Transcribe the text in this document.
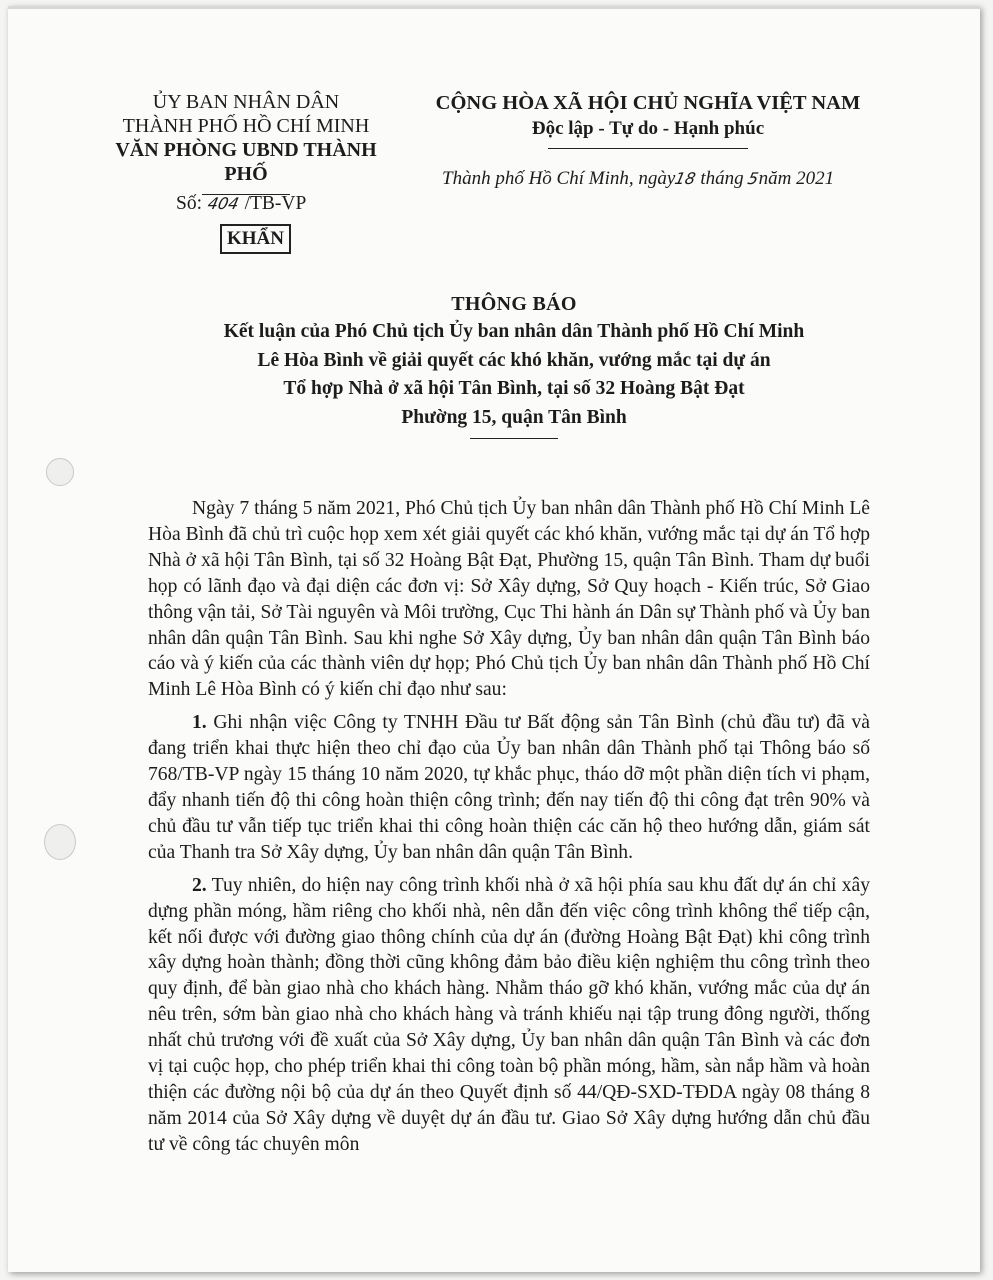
ỦY BAN NHÂN DÂN
THÀNH PHỐ HỒ CHÍ MINH
VĂN PHÒNG UBND THÀNH PHỐ
CỘNG HÒA XÃ HỘI CHỦ NGHĨA VIỆT NAM
Độc lập - Tự do - Hạnh phúc
Thành phố Hồ Chí Minh, ngày18 tháng 5năm 2021
Số: 404 /TB-VP
KHẨN
THÔNG BÁO
Kết luận của Phó Chủ tịch Ủy ban nhân dân Thành phố Hồ Chí Minh
Lê Hòa Bình về giải quyết các khó khăn, vướng mắc tại dự án
Tổ hợp Nhà ở xã hội Tân Bình, tại số 32 Hoàng Bật Đạt
Phường 15, quận Tân Bình

Ngày 7 tháng 5 năm 2021, Phó Chủ tịch Ủy ban nhân dân Thành phố Hồ Chí Minh Lê Hòa Bình đã chủ trì cuộc họp xem xét giải quyết các khó khăn, vướng mắc tại dự án Tổ hợp Nhà ở xã hội Tân Bình, tại số 32 Hoàng Bật Đạt, Phường 15, quận Tân Bình. Tham dự buổi họp có lãnh đạo và đại diện các đơn vị: Sở Xây dựng, Sở Quy hoạch - Kiến trúc, Sở Giao thông vận tải, Sở Tài nguyên và Môi trường, Cục Thi hành án Dân sự Thành phố và Ủy ban nhân dân quận Tân Bình. Sau khi nghe Sở Xây dựng, Ủy ban nhân dân quận Tân Bình báo cáo và ý kiến của các thành viên dự họp; Phó Chủ tịch Ủy ban nhân dân Thành phố Hồ Chí Minh Lê Hòa Bình có ý kiến chỉ đạo như sau:

1. Ghi nhận việc Công ty TNHH Đầu tư Bất động sản Tân Bình (chủ đầu tư) đã và đang triển khai thực hiện theo chỉ đạo của Ủy ban nhân dân Thành phố tại Thông báo số 768/TB-VP ngày 15 tháng 10 năm 2020, tự khắc phục, tháo dỡ một phần diện tích vi phạm, đẩy nhanh tiến độ thi công hoàn thiện công trình; đến nay tiến độ thi công đạt trên 90% và chủ đầu tư vẫn tiếp tục triển khai thi công hoàn thiện các căn hộ theo hướng dẫn, giám sát của Thanh tra Sở Xây dựng, Ủy ban nhân dân quận Tân Bình.

2. Tuy nhiên, do hiện nay công trình khối nhà ở xã hội phía sau khu đất dự án chỉ xây dựng phần móng, hầm riêng cho khối nhà, nên dẫn đến việc công trình không thể tiếp cận, kết nối được với đường giao thông chính của dự án (đường Hoàng Bật Đạt) khi công trình xây dựng hoàn thành; đồng thời cũng không đảm bảo điều kiện nghiệm thu công trình theo quy định, để bàn giao nhà cho khách hàng. Nhằm tháo gỡ khó khăn, vướng mắc của dự án nêu trên, sớm bàn giao nhà cho khách hàng và tránh khiếu nại tập trung đông người, thống nhất chủ trương với đề xuất của Sở Xây dựng, Ủy ban nhân dân quận Tân Bình và các đơn vị tại cuộc họp, cho phép triển khai thi công toàn bộ phần móng, hầm, sàn nắp hầm và hoàn thiện các đường nội bộ của dự án theo Quyết định số 44/QĐ-SXD-TĐDA ngày 08 tháng 8 năm 2014 của Sở Xây dựng về duyệt dự án đầu tư. Giao Sở Xây dựng hướng dẫn chủ đầu tư về công tác chuyên môn
